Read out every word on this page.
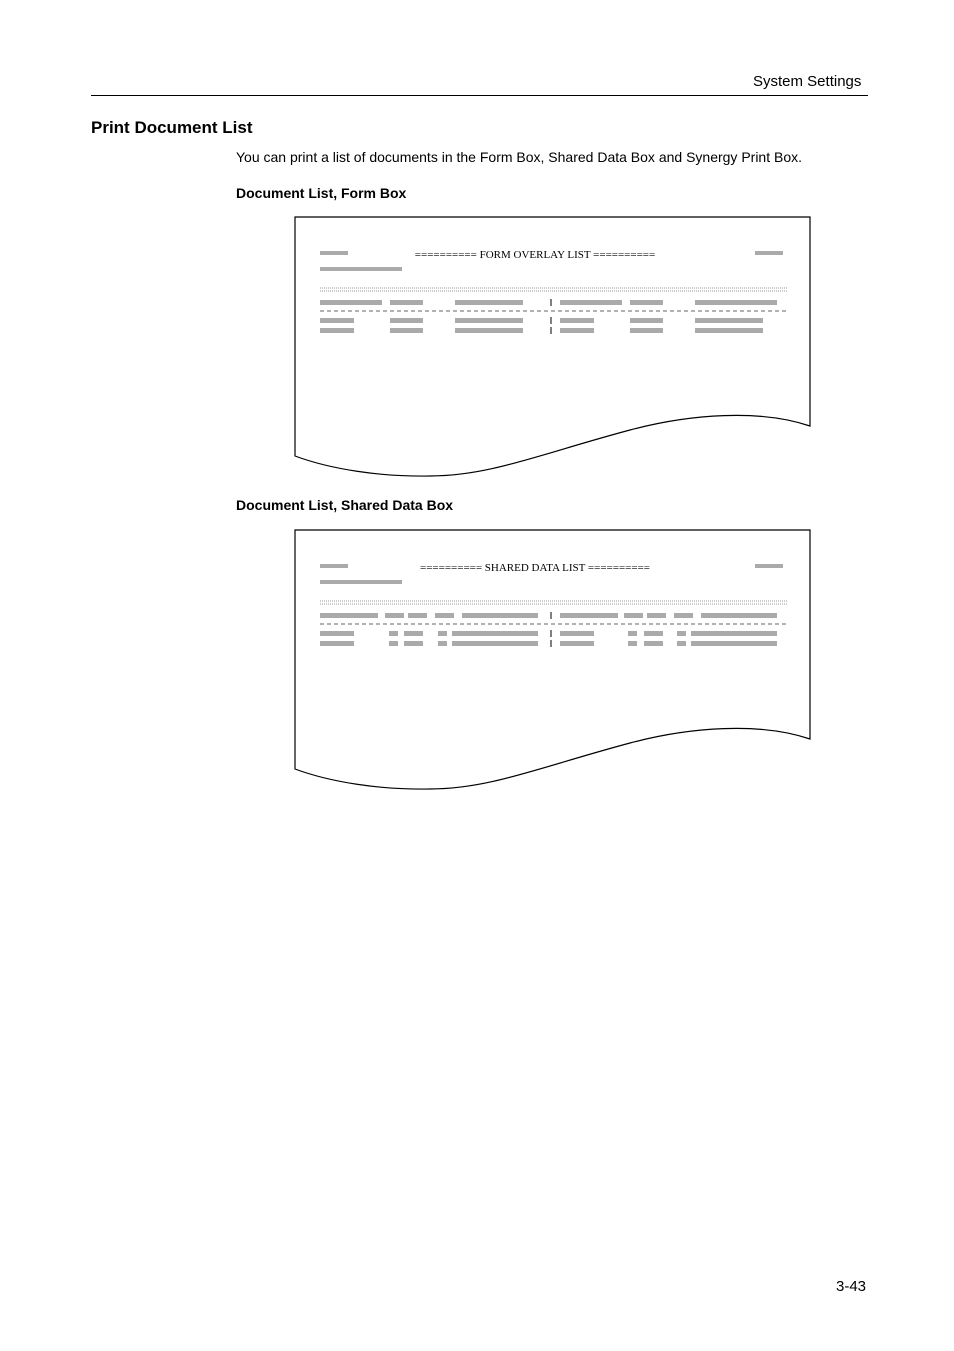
System Settings
Print Document List
You can print a list of documents in the Form Box, Shared Data Box and Synergy Print Box.
Document List, Form Box
========== FORM OVERLAY LIST ==========
Document List, Shared Data Box
========== SHARED DATA LIST ==========
3-43
